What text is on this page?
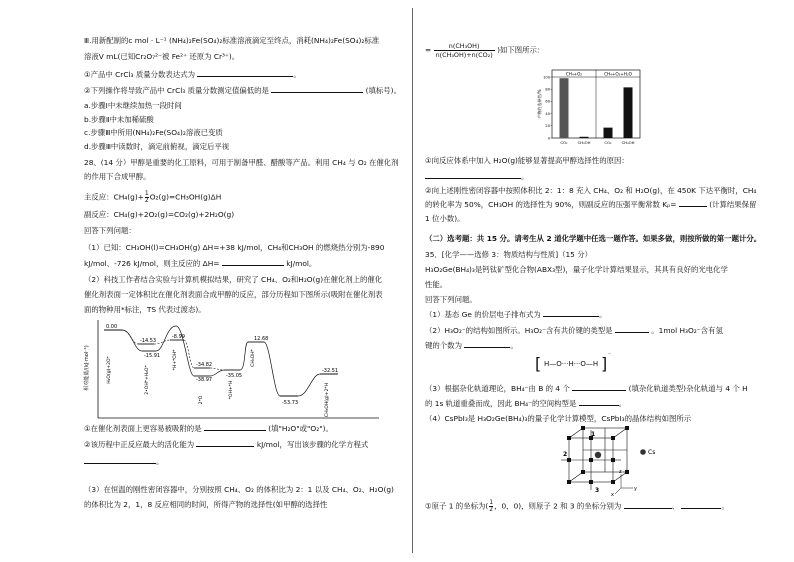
Ⅲ.用新配制的c mol · L⁻¹ (NH₄)₂Fe(SO₄)₂标准溶液滴定至终点，消耗(NH₄)₂Fe(SO₄)₂标准
溶液V mL(已知Cr₂O₇²⁻被 Fe²⁺ 还原为 Cr³⁺)。
①产品中 CrCl₃ 质量分数表达式为	。
②下列操作将导致产品中 CrCl₃ 质量分数测定值偏低的是	(填标号)。
a.步骤Ⅰ中未继续加热一段时间
b.步骤Ⅱ中未加稀硫酸
c.步骤Ⅲ中所用(NH₄)₂Fe(SO₄)₂溶液已变质
d.步骤Ⅲ中读数时，滴定前俯视，滴定后平视
28、(14 分）甲醇是重要的化工原料，可用于制备甲醛、醋酸等产品。利用 CH₄ 与 O₂ 在催化剂
的作用下合成甲醇。
主反应：$CH_4(g)+ \frac{1}{2} O_2(g)=CH_3OH(g)\Delta H$
副反应：CH₄(g)+2O₂(g)=CO₂(g)+2H₂O(g)
回答下列问题：
（1）已知：CH₃OH(l)=CH₃OH(g) ΔH=+38 kJ/mol，CH₄和CH₃OH 的燃烧热分别为-890
kJ/mol、-726 kJ/mol，则主反应的 ΔH=	kJ/mol。
（2）科技工作者结合实验与计算机模拟结果，研究了 CH₄、O₂和H₂O(g)在催化剂上的催化
催化剂表面一定体积比在催化剂表面合成甲醇的反应，部分历程如下图所示(吸附在催化剂表
面的物种用*标注，TS 代表过渡态)。
相对能量/(kJ·mol⁻¹)
0.00
-14.53
-15.91
-8.99
-34.82
-38.97
-35.05
12.68
-53.73
-32.51
H₂O(g)+2O*	2•OH*+H₂O*
*H+*OH*
2*O
*OH+*H
CH₃OH*
CH₃OH(g)+2*H
①在催化剂表面上更容易被吸附的是	(填"H₂O"或"O₂")。
②该历程中正反应最大的活化能为	kJ/mol，写出该步骤的化学方程式
。
（3）在恒温的刚性密闭容器中，分别按照 CH₄、O₂ 的体积比为 2：1 以及 CH₄、O₂、H₂O(g)
的体积比为 2，1，8 反应相同的时间，所得产物的选择性(如甲醇的选择性
= $\frac{\text{n(CH₃OH)}}{\text{n(CH₃OH)+n(CO₂)}}$ )如下图所示：
CH₄+O₂	CH₄+O₂+H₂O
产物的选择性/%
0
20
40
60
80
100
CO₂	CH₃OH	CO₂	CH₃OH
①向反应体系中加入 H₂O(g)能够显著提高甲醇选择性的原因：
。
②向上述刚性密闭容器中按照体积比 2：1：8 充入 CH₄、O₂ 和 H₂O(g)，在 450K 下达平衡时，CH₄
的转化率为 50%，CH₃OH 的选择性为 90%，则副反应的压强平衡常数 Kₚ=	(计算结果保留
1 位小数)。
（二）选考题：共 15 分。请考生从 2 道化学题中任选一题作答。如果多做，则按所做的第一题计分。
35．[化学——选修 3：物质结构与性质]（15 分）
H₃O₂Ge(BH₄)₃是钙钛矿型化合物(ABX₃型)，量子化学计算结果显示，其具有良好的光电化学
性能。
回答下列问题。
（1）基态 Ge 的价层电子排布式为	。
（2）H₃O₂⁻的结构如图所示。H₃O₂⁻含有共价键的类型是	。1mol H₃O₂⁻含有氢
键的个数为	。
[ H—O···H···O—H ] ⁻
（3）根据杂化轨道理论，BH₄⁻由 B 的 4 个	(填杂化轨道类型)杂化轨道与 4 个 H
的 1s 轨道重叠而成，因此 BH₄⁻的空间构型是	。
（4）CsPbI₃是 H₃O₂Ge(BH₄)₃的量子化学计算模型，CsPbI₃的晶体结构如图所示
1
2
3
Cs
z
y
x
①原子 1 的坐标为( $\frac{1}{2}$ ，0，0)，则原子 2 和 3 的坐标分别为	、	。
